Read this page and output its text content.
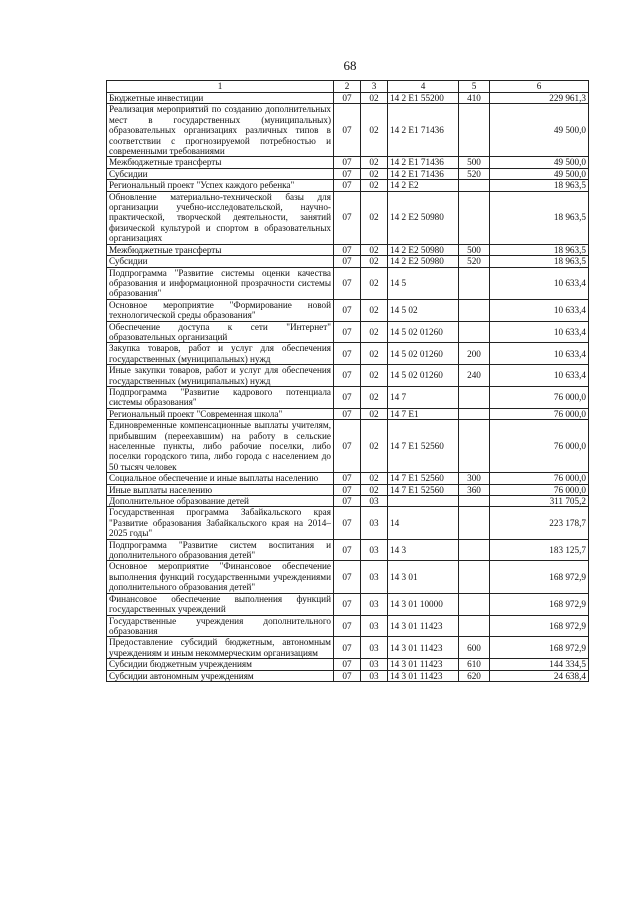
68
1	2	3	4	5	6
Бюджетные инвестиции	07	02	14 2 E1 55200	410	229 961,3
Реализация мероприятий по созданию дополнительных мест в государственных (муниципальных) образовательных организациях различных типов в соответствии с прогнозируемой потребностью и современными требованиями	07	02	14 2 E1 71436		49 500,0
Межбюджетные трансферты	07	02	14 2 E1 71436	500	49 500,0
Субсидии	07	02	14 2 E1 71436	520	49 500,0
Региональный проект "Успех каждого ребенка"	07	02	14 2 E2		18 963,5
Обновление материально-технической базы для организации учебно-исследовательской, научно-практической, творческой деятельности, занятий физической культурой и спортом в образовательных организациях	07	02	14 2 E2 50980		18 963,5
Межбюджетные трансферты	07	02	14 2 E2 50980	500	18 963,5
Субсидии	07	02	14 2 E2 50980	520	18 963,5
Подпрограмма "Развитие системы оценки качества образования и информационной прозрачности системы образования"	07	02	14 5		10 633,4
Основное мероприятие "Формирование новой технологической среды образования"	07	02	14 5 02		10 633,4
Обеспечение доступа к сети "Интернет" образовательных организаций	07	02	14 5 02 01260		10 633,4
Закупка товаров, работ и услуг для обеспечения государственных (муниципальных) нужд	07	02	14 5 02 01260	200	10 633,4
Иные закупки товаров, работ и услуг для обеспечения государственных (муниципальных) нужд	07	02	14 5 02 01260	240	10 633,4
Подпрограмма "Развитие кадрового потенциала системы образования"	07	02	14 7		76 000,0
Региональный проект "Современная школа"	07	02	14 7 E1		76 000,0
Единовременные компенсационные выплаты учителям, прибывшим (переехавшим) на работу в сельские населенные пункты, либо рабочие поселки, либо поселки городского типа, либо города с населением до 50 тысяч человек	07	02	14 7 E1 52560		76 000,0
Социальное обеспечение и иные выплаты населению	07	02	14 7 E1 52560	300	76 000,0
Иные выплаты населению	07	02	14 7 E1 52560	360	76 000,0
Дополнительное образование детей	07	03			311 705,2
Государственная программа Забайкальского края "Развитие образования Забайкальского края на 2014–2025 годы"	07	03	14		223 178,7
Подпрограмма "Развитие систем воспитания и дополнительного образования детей"	07	03	14 3		183 125,7
Основное мероприятие "Финансовое обеспечение выполнения функций государственными учреждениями дополнительного образования детей"	07	03	14 3 01		168 972,9
Финансовое обеспечение выполнения функций государственных учреждений	07	03	14 3 01 10000		168 972,9
Государственные учреждения дополнительного образования	07	03	14 3 01 11423		168 972,9
Предоставление субсидий бюджетным, автономным учреждениям и иным некоммерческим организациям	07	03	14 3 01 11423	600	168 972,9
Субсидии бюджетным учреждениям	07	03	14 3 01 11423	610	144 334,5
Субсидии автономным учреждениям	07	03	14 3 01 11423	620	24 638,4
